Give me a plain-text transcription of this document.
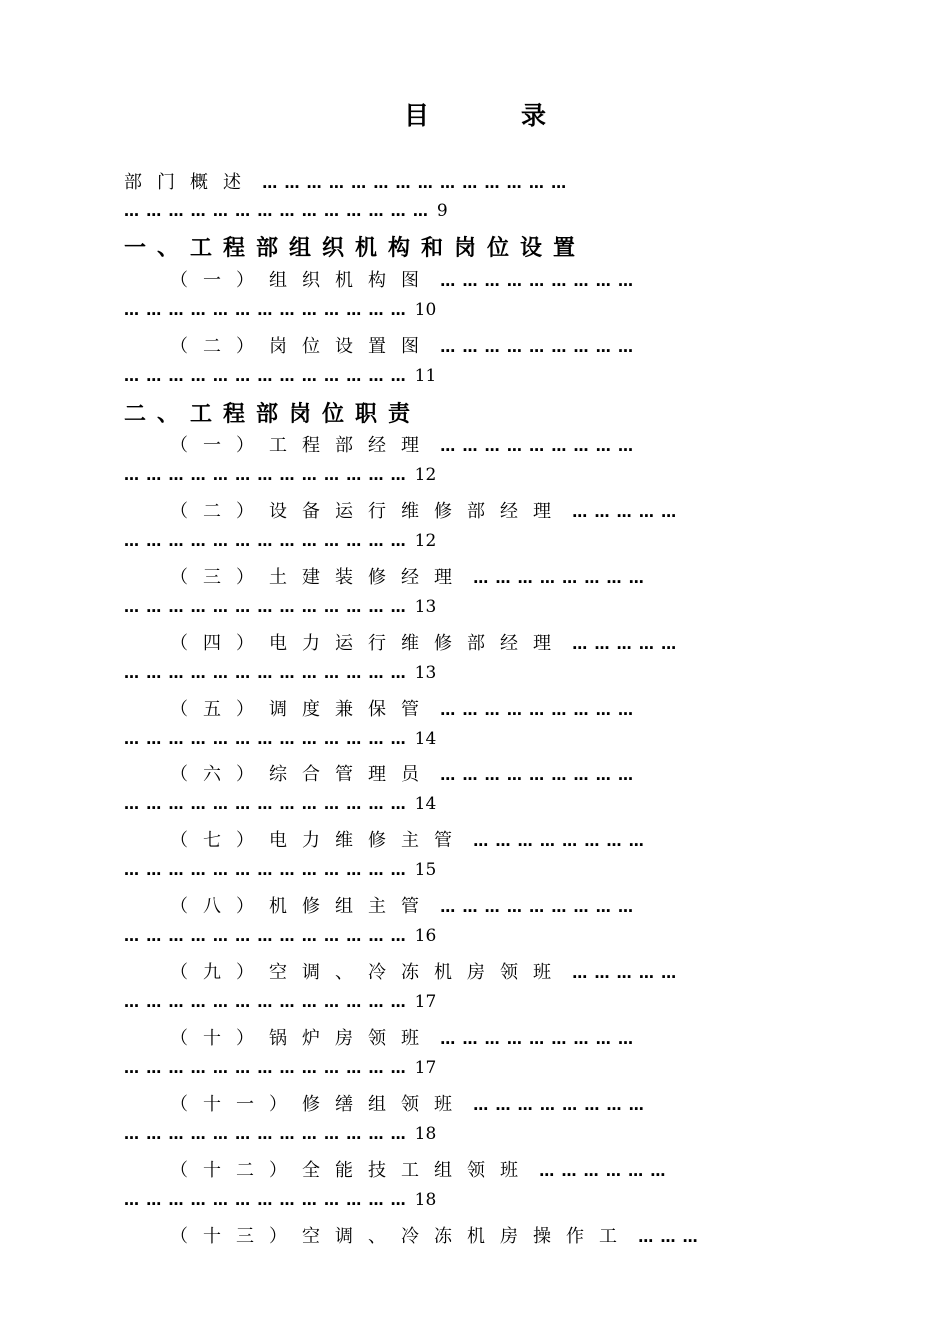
目	录
部门概述 … … … … … … … … … … … … … …
… … … … … … … … … … … … … … 9
一、工程部组织机构和岗位设置
（一）组织机构图 … … … … … … … … …
… … … … … … … … … … … … … 10
（二）岗位设置图 … … … … … … … … …
… … … … … … … … … … … … … 11
二、工程部岗位职责
（一）工程部经理 … … … … … … … … …
… … … … … … … … … … … … … 12
（二）设备运行维修部经理 … … … … …
… … … … … … … … … … … … … 12
（三）土建装修经理 … … … … … … … …
… … … … … … … … … … … … … 13
（四）电力运行维修部经理 … … … … …
… … … … … … … … … … … … … 13
（五）调度兼保管 … … … … … … … … …
… … … … … … … … … … … … … 14
（六）综合管理员 … … … … … … … … …
… … … … … … … … … … … … … 14
（七）电力维修主管 … … … … … … … …
… … … … … … … … … … … … … 15
（八）机修组主管 … … … … … … … … …
… … … … … … … … … … … … … 16
（九）空调、冷冻机房领班 … … … … …
… … … … … … … … … … … … … 17
（十）锅炉房领班 … … … … … … … … …
… … … … … … … … … … … … … 17
（十一）修缮组领班 … … … … … … … …
… … … … … … … … … … … … … 18
（十二）全能技工组领班 … … … … … …
… … … … … … … … … … … … … 18
（十三）空调、冷冻机房操作工 … … …
